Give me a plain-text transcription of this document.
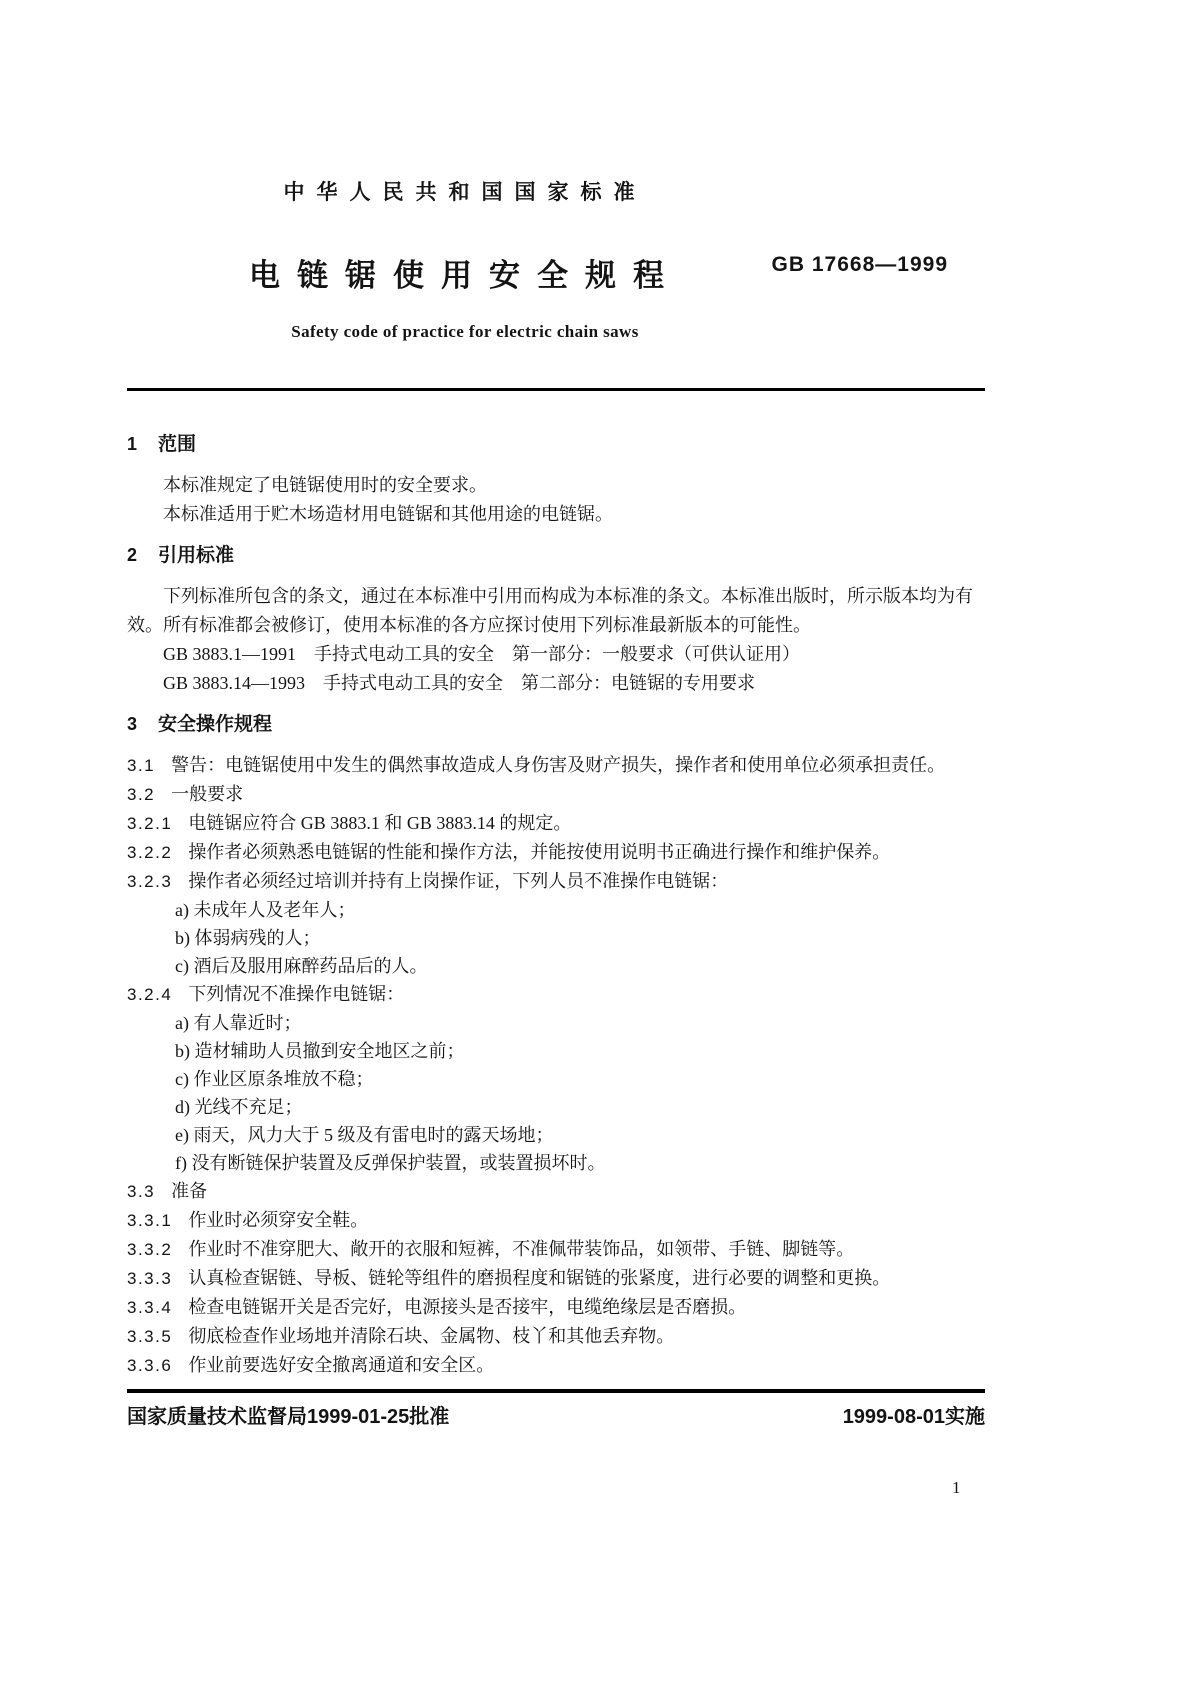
中华人民共和国国家标准
电链锯使用安全规程
Safety code of practice for electric chain saws
GB 17668—1999
1 范围

本标准规定了电链锯使用时的安全要求。

本标准适用于贮木场造材用电链锯和其他用途的电链锯。

2 引用标准

下列标准所包含的条文，通过在本标准中引用而构成为本标准的条文。本标准出版时，所示版本均为有效。所有标准都会被修订，使用本标准的各方应探讨使用下列标准最新版本的可能性。

GB 3883.1—1991　手持式电动工具的安全　第一部分：一般要求（可供认证用）

GB 3883.14—1993　手持式电动工具的安全　第二部分：电链锯的专用要求

3 安全操作规程

3.1 警告：电链锯使用中发生的偶然事故造成人身伤害及财产损失，操作者和使用单位必须承担责任。

3.2 一般要求

3.2.1 电链锯应符合 GB 3883.1 和 GB 3883.14 的规定。

3.2.2 操作者必须熟悉电链锯的性能和操作方法，并能按使用说明书正确进行操作和维护保养。

3.2.3 操作者必须经过培训并持有上岗操作证，下列人员不准操作电链锯：

a) 未成年人及老年人；

b) 体弱病残的人；

c) 酒后及服用麻醉药品后的人。

3.2.4 下列情况不准操作电链锯：

a) 有人靠近时；

b) 造材辅助人员撤到安全地区之前；

c) 作业区原条堆放不稳；

d) 光线不充足；

e) 雨天，风力大于 5 级及有雷电时的露天场地；

f) 没有断链保护装置及反弹保护装置，或装置损坏时。

3.3 准备

3.3.1 作业时必须穿安全鞋。

3.3.2 作业时不准穿肥大、敞开的衣服和短裤，不准佩带装饰品，如领带、手链、脚链等。

3.3.3 认真检查锯链、导板、链轮等组件的磨损程度和锯链的张紧度，进行必要的调整和更换。

3.3.4 检查电链锯开关是否完好，电源接头是否接牢，电缆绝缘层是否磨损。

3.3.5 彻底检查作业场地并清除石块、金属物、枝丫和其他丢弃物。

3.3.6 作业前要选好安全撤离通道和安全区。

国家质量技术监督局1999-01-25批准	1999-08-01实施
1
